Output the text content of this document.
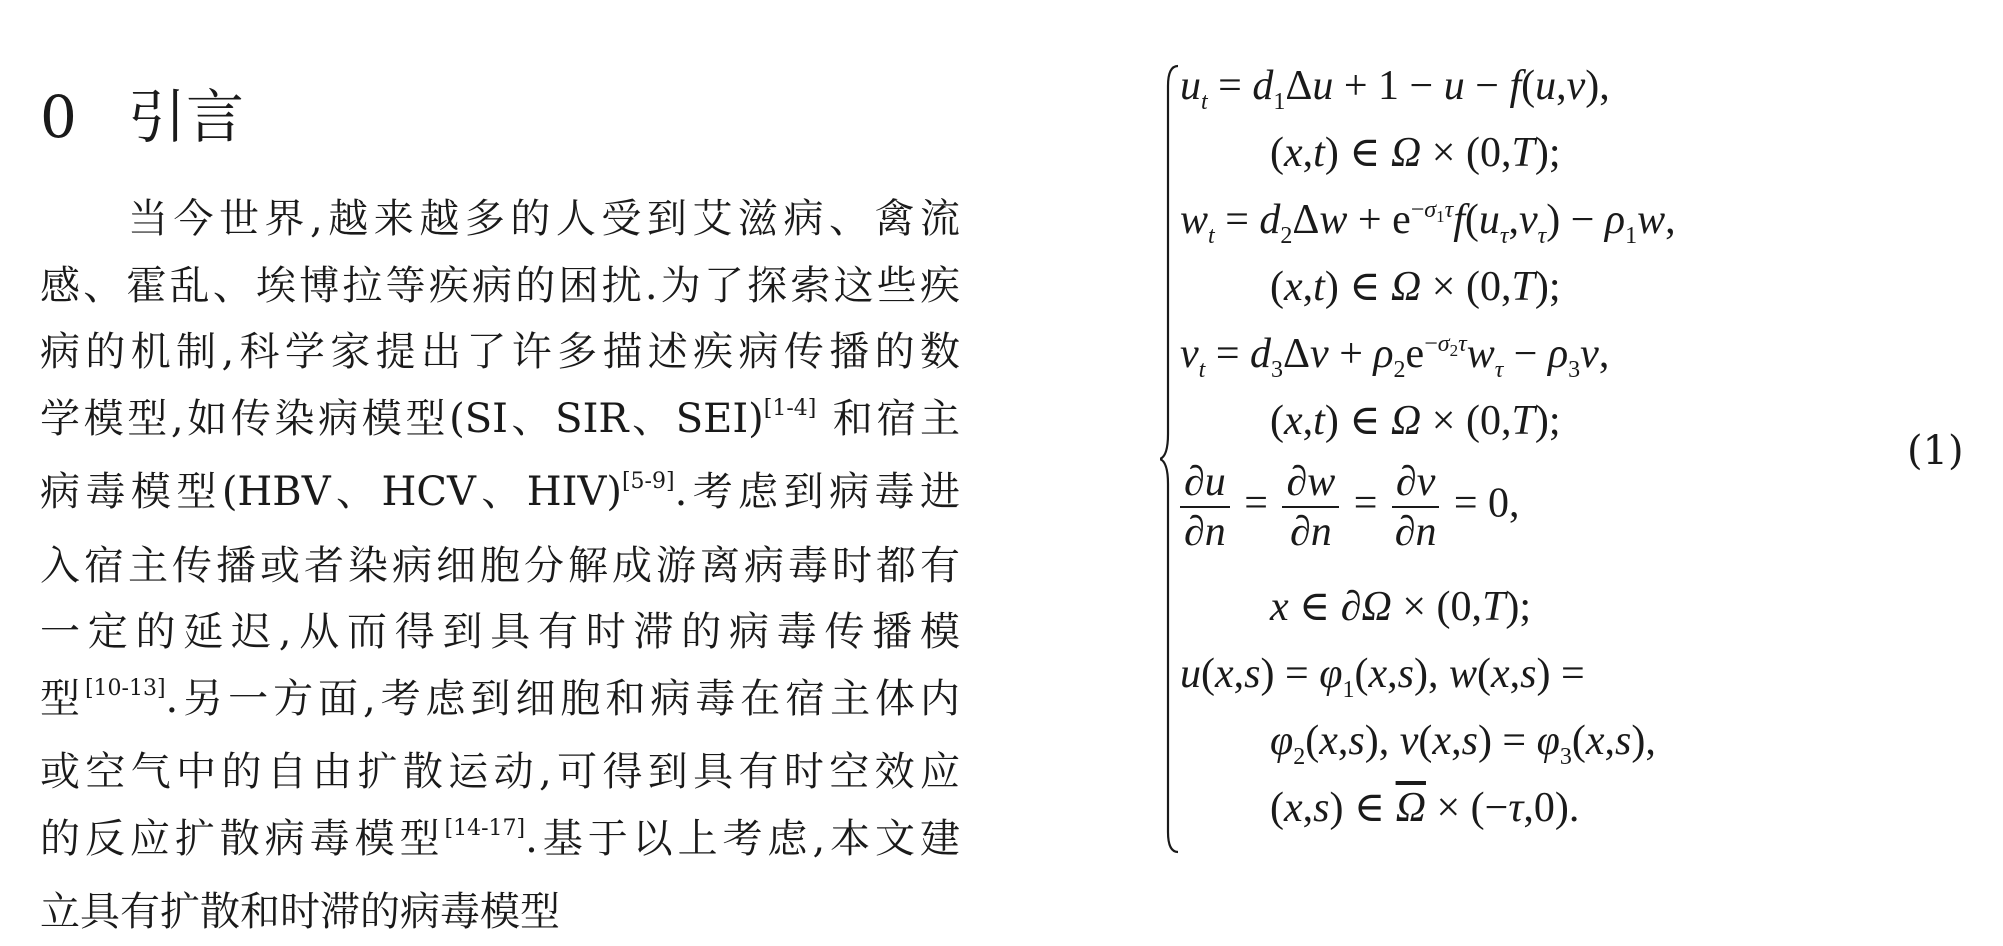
0 引言
当今世界,越来越多的人受到艾滋病、禽流
感、霍乱、埃博拉等疾病的困扰.为了探索这些疾
病的机制,科学家提出了许多描述疾病传播的数
学模型,如传染病模型(SI、SIR、SEI)[1-4] 和宿主
病毒模型(HBV、HCV、HIV)[5-9].考虑到病毒进
入宿主传播或者染病细胞分解成游离病毒时都有
一定的延迟,从而得到具有时滞的病毒传播模
型[10-13].另一方面,考虑到细胞和病毒在宿主体内
或空气中的自由扩散运动,可得到具有时空效应
的反应扩散病毒模型[14-17].基于以上考虑,本文建
立具有扩散和时滞的病毒模型
$u_t = d_1\Delta u + 1 - u - f(u,v)$,
(x,t) ∈ Ω × (0,T);
$w_t = d_2\Delta w + e^{-\sigma_1\tau}f(u_\tau,v_\tau) - \rho_1w$,
(x,t) ∈ Ω × (0,T);
$v_t = d_3\Delta v + \rho_2e^{-\sigma_2\tau}w_\tau - \rho_3v$,
(x,t) ∈ Ω × (0,T);
$\frac{\partial u}{\partial n} = \frac{\partial w}{\partial n} = \frac{\partial v}{\partial n} = 0$,
x ∈ ∂Ω × (0,T);
$u(x,s) = \varphi_1(x,s)$, w(x,s) =
$\varphi_2(x,s)$, $v(x,s) = \varphi_3(x,s)$,
(x,s) ∈ $\overline{\Omega} \times (-\tau,0)$.
(1)
